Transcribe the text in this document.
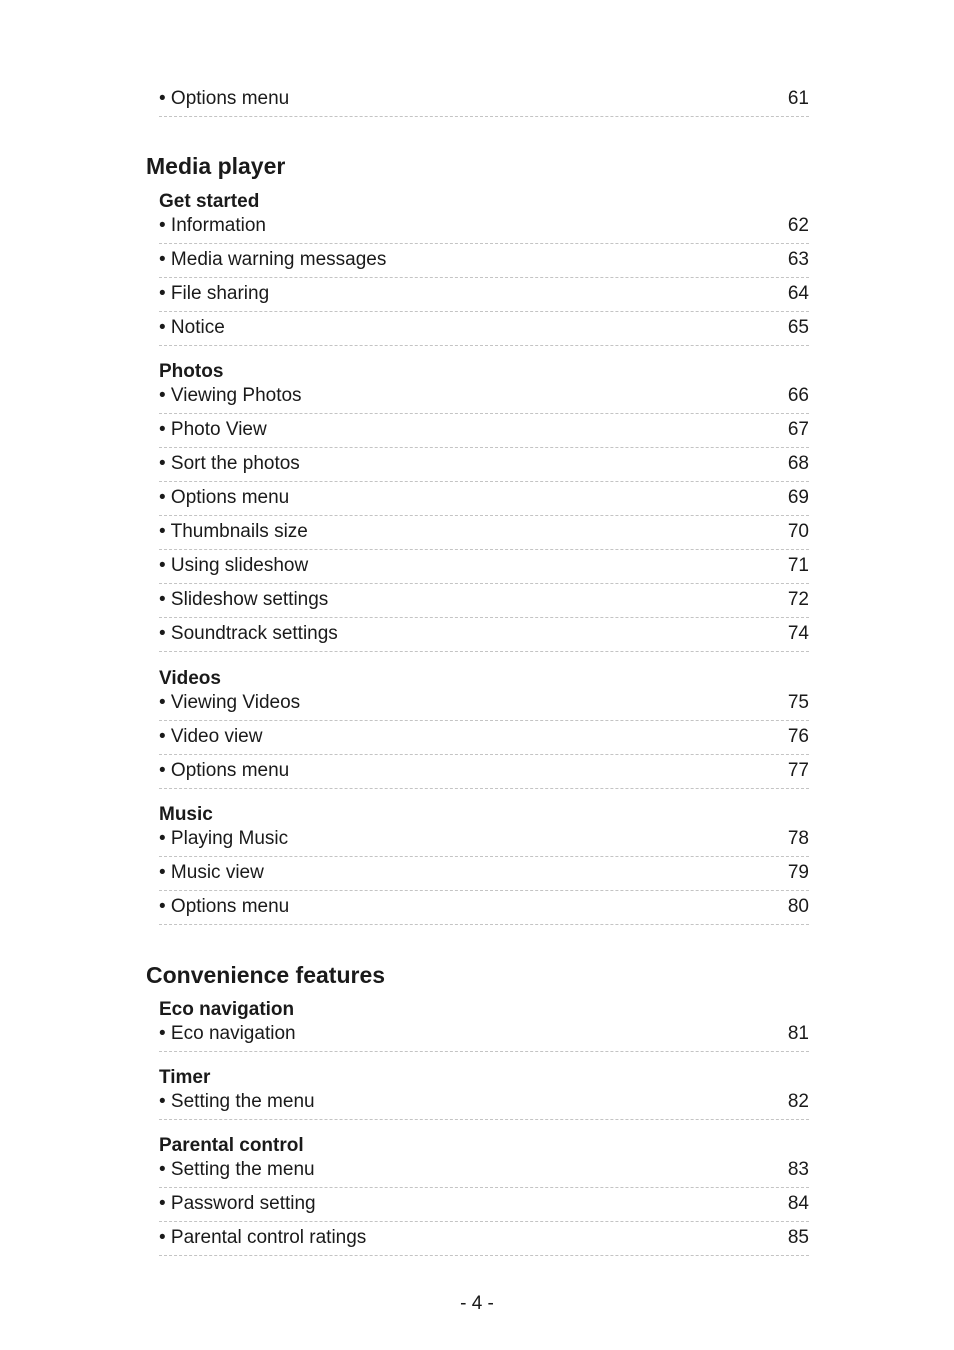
• Options menu	61
Media player
Get started
• Information	62
• Media warning messages	63
• File sharing	64
• Notice	65
Photos
• Viewing Photos	66
• Photo View	67
• Sort the photos	68
• Options menu	69
• Thumbnails size	70
• Using slideshow	71
• Slideshow settings	72
• Soundtrack settings	74
Videos
• Viewing Videos	75
• Video view	76
• Options menu	77
Music
• Playing Music	78
• Music view	79
• Options menu	80
Convenience features
Eco navigation
• Eco navigation	81
Timer
• Setting the menu	82
Parental control
• Setting the menu	83
• Password setting	84
• Parental control ratings	85
- 4 -
